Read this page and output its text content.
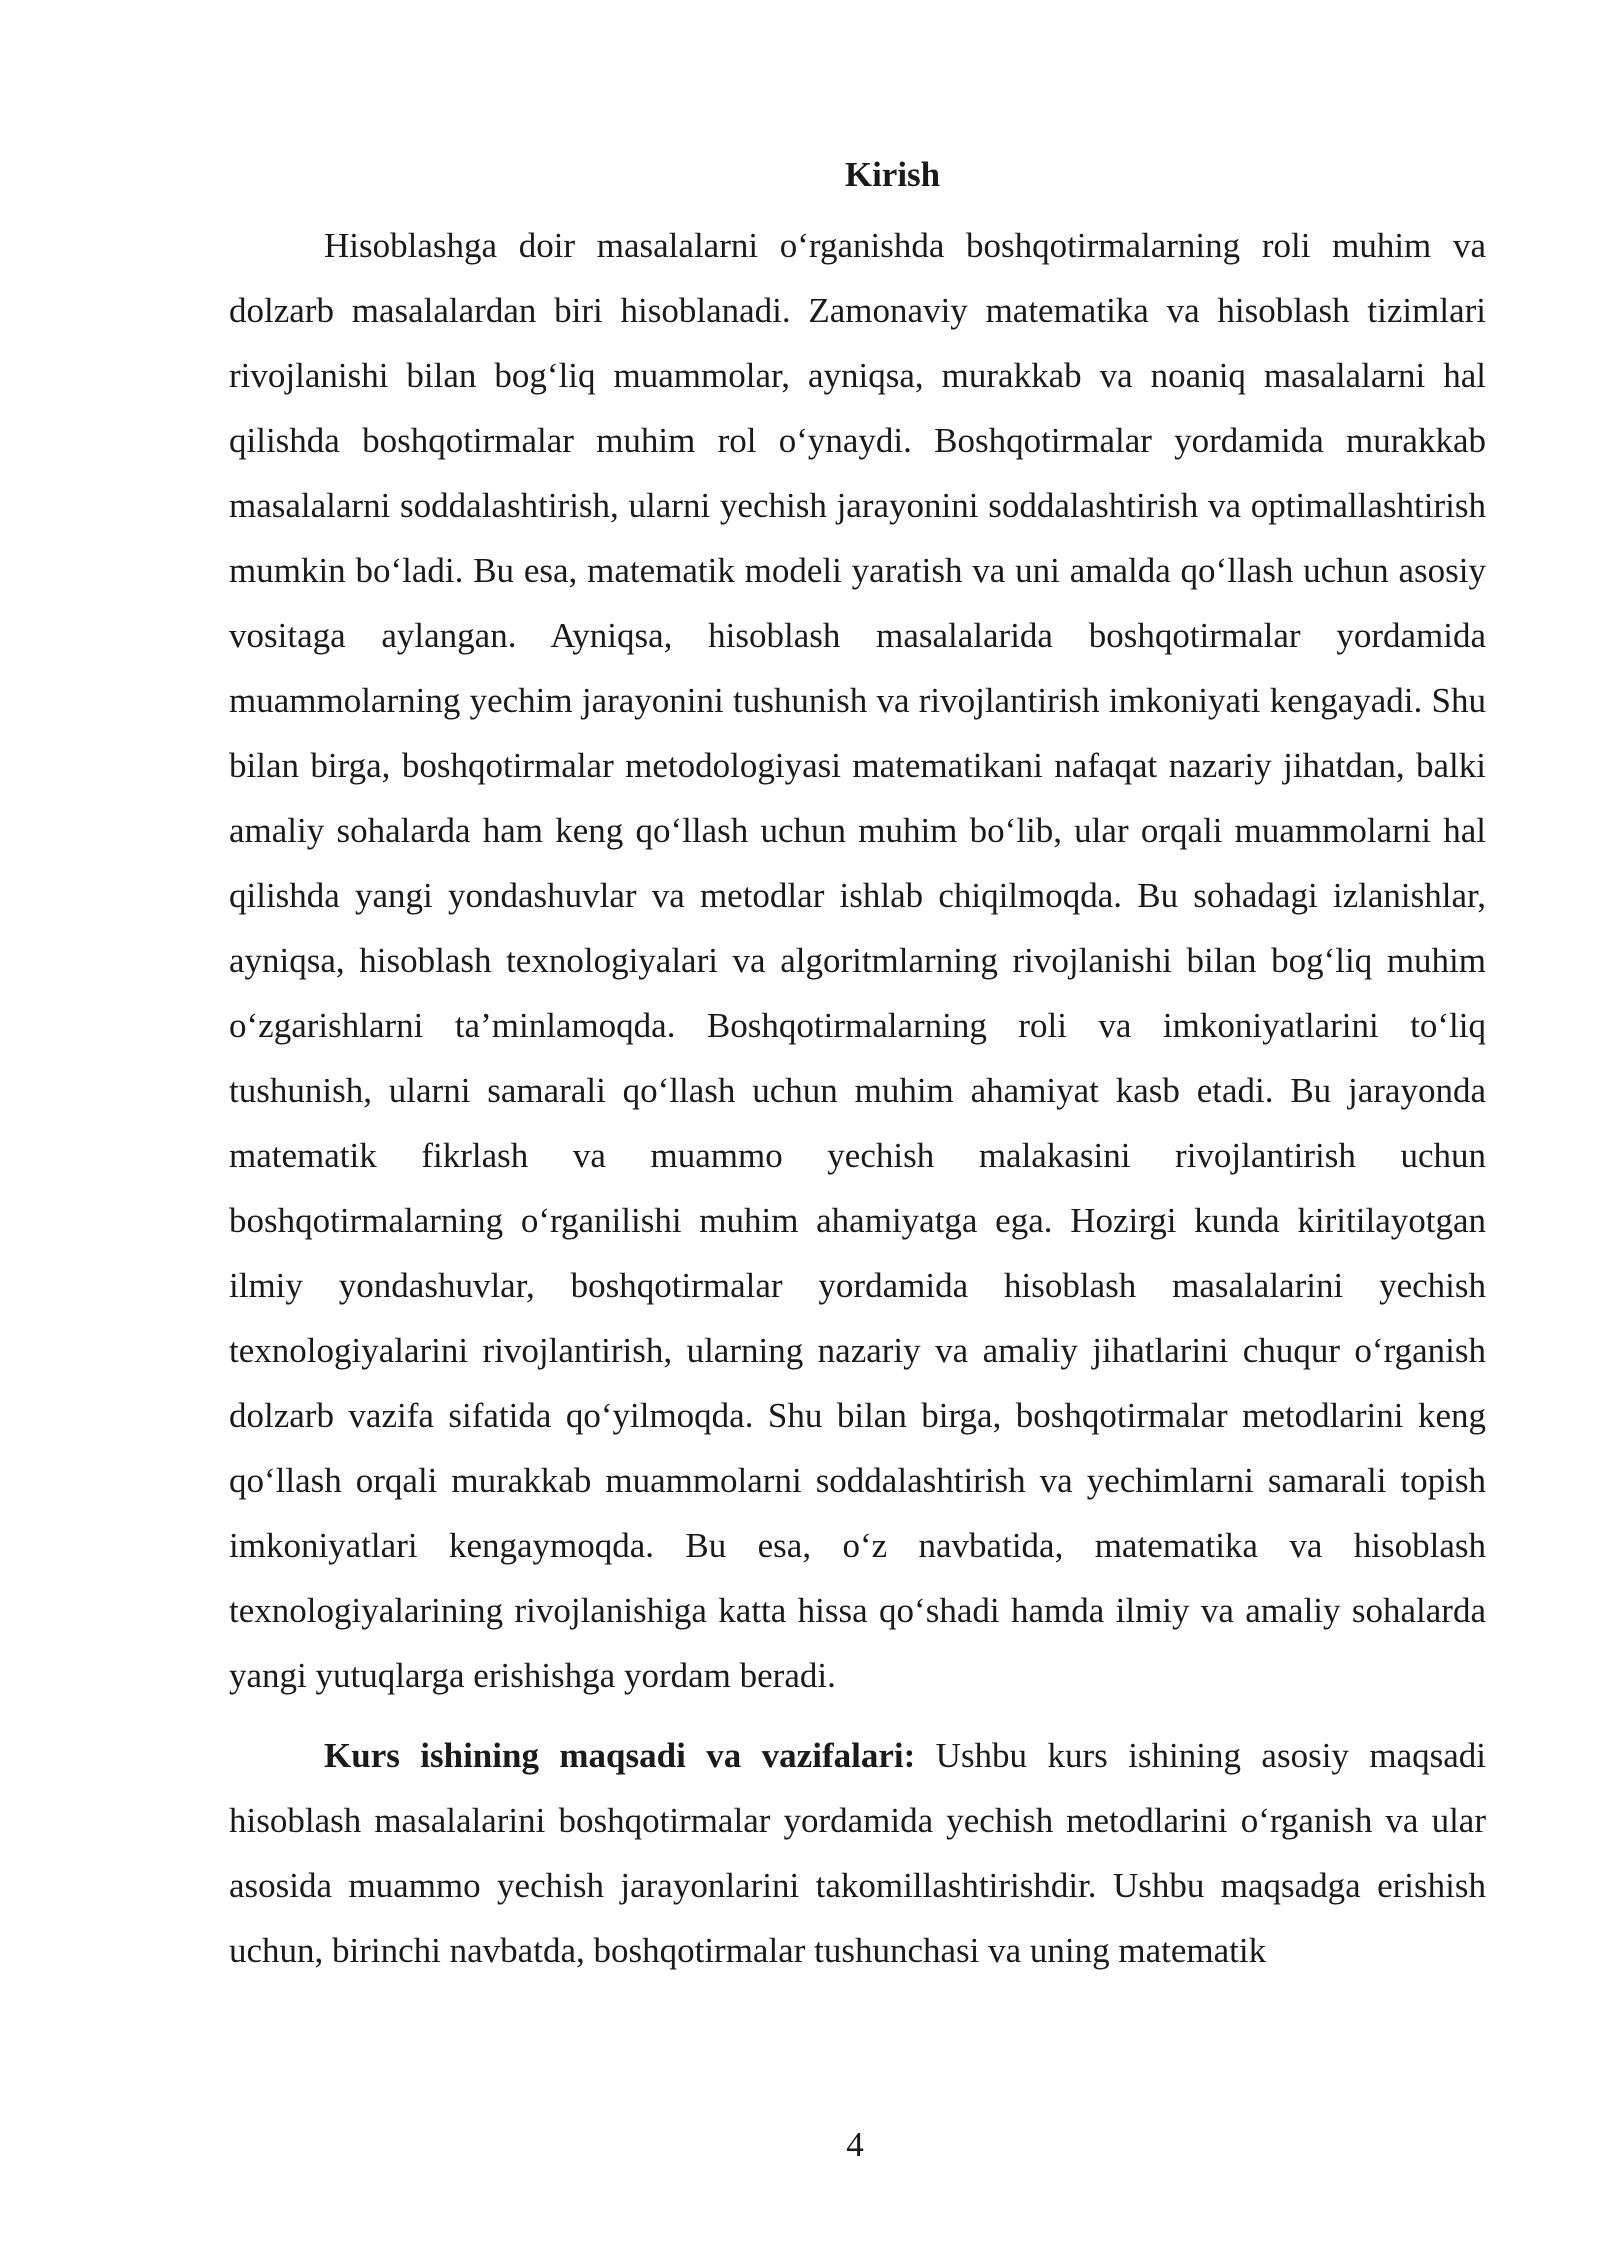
Kirish

Hisoblashga doir masalalarni o‘rganishda boshqotirmalarning roli muhim va dolzarb masalalardan biri hisoblanadi. Zamonaviy matematika va hisoblash tizimlari rivojlanishi bilan bog‘liq muammolar, ayniqsa, murakkab va noaniq masalalarni hal qilishda boshqotirmalar muhim rol o‘ynaydi. Boshqotirmalar yordamida murakkab masalalarni soddalashtirish, ularni yechish jarayonini soddalashtirish va optimallashtirish mumkin bo‘ladi. Bu esa, matematik modeli yaratish va uni amalda qo‘llash uchun asosiy vositaga aylangan. Ayniqsa, hisoblash masalalarida boshqotirmalar yordamida muammolarning yechim jarayonini tushunish va rivojlantirish imkoniyati kengayadi. Shu bilan birga, boshqotirmalar metodologiyasi matematikani nafaqat nazariy jihatdan, balki amaliy sohalarda ham keng qo‘llash uchun muhim bo‘lib, ular orqali muammolarni hal qilishda yangi yondashuvlar va metodlar ishlab chiqilmoqda. Bu sohadagi izlanishlar, ayniqsa, hisoblash texnologiyalari va algoritmlarning rivojlanishi bilan bog‘liq muhim o‘zgarishlarni ta’minlamoqda. Boshqotirmalarning roli va imkoniyatlarini to‘liq tushunish, ularni samarali qo‘llash uchun muhim ahamiyat kasb etadi. Bu jarayonda matematik fikrlash va muammo yechish malakasini rivojlantirish uchun boshqotirmalarning o‘rganilishi muhim ahamiyatga ega. Hozirgi kunda kiritilayotgan ilmiy yondashuvlar, boshqotirmalar yordamida hisoblash masalalarini yechish texnologiyalarini rivojlantirish, ularning nazariy va amaliy jihatlarini chuqur o‘rganish dolzarb vazifa sifatida qo‘yilmoqda. Shu bilan birga, boshqotirmalar metodlarini keng qo‘llash orqali murakkab muammolarni soddalashtirish va yechimlarni samarali topish imkoniyatlari kengaymoqda. Bu esa, o‘z navbatida, matematika va hisoblash texnologiyalarining rivojlanishiga katta hissa qo‘shadi hamda ilmiy va amaliy sohalarda yangi yutuqlarga erishishga yordam beradi.

Kurs ishining maqsadi va vazifalari: Ushbu kurs ishining asosiy maqsadi hisoblash masalalarini boshqotirmalar yordamida yechish metodlarini o‘rganish va ular asosida muammo yechish jarayonlarini takomillashtirishdir. Ushbu maqsadga erishish uchun, birinchi navbatda, boshqotirmalar tushunchasi va uning matematik

4
